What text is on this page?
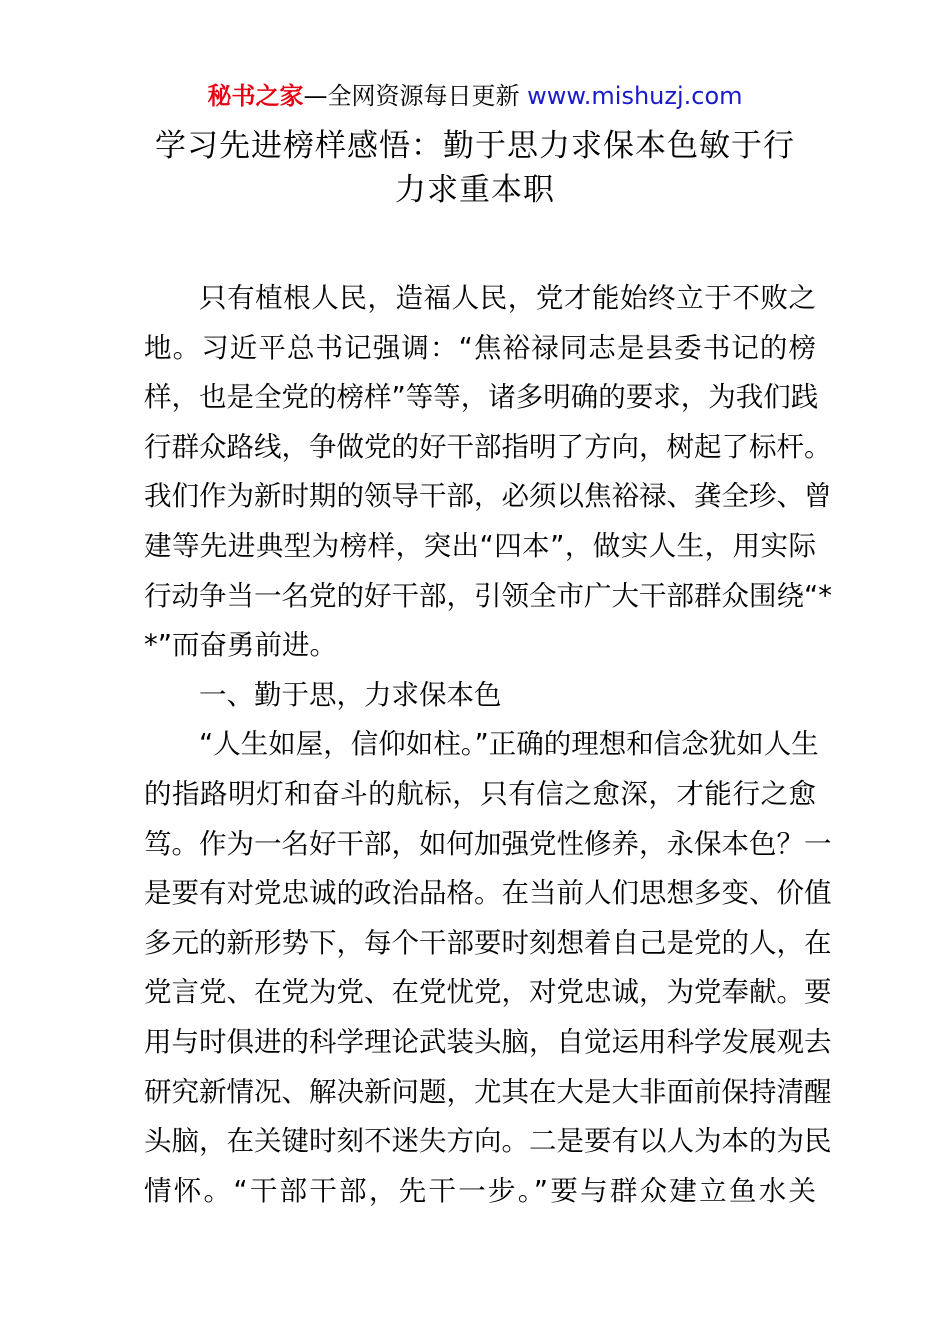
秘书之家—全网资源每日更新 www.mishuzj.com
学习先进榜样感悟：勤于思力求保本色敏于行
力求重本职
只有植根人民，造福人民，党才能始终立于不败之
地。习近平总书记强调：“焦裕禄同志是县委书记的榜
样，也是全党的榜样”等等，诸多明确的要求，为我们践
行群众路线，争做党的好干部指明了方向，树起了标杆。
我们作为新时期的领导干部，必须以焦裕禄、龚全珍、曾
建等先进典型为榜样，突出“四本”，做实人生，用实际
行动争当一名党的好干部，引领全市广大干部群众围绕“*
*”而奋勇前进。
一、勤于思，力求保本色
“人生如屋，信仰如柱。”正确的理想和信念犹如人生
的指路明灯和奋斗的航标，只有信之愈深，才能行之愈
笃。作为一名好干部，如何加强党性修养，永保本色？一
是要有对党忠诚的政治品格。在当前人们思想多变、价值
多元的新形势下，每个干部要时刻想着自己是党的人，在
党言党、在党为党、在党忧党，对党忠诚，为党奉献。要
用与时俱进的科学理论武装头脑，自觉运用科学发展观去
研究新情况、解决新问题，尤其在大是大非面前保持清醒
头脑，在关键时刻不迷失方向。二是要有以人为本的为民
情怀。“干部干部，先干一步。”要与群众建立鱼水关
